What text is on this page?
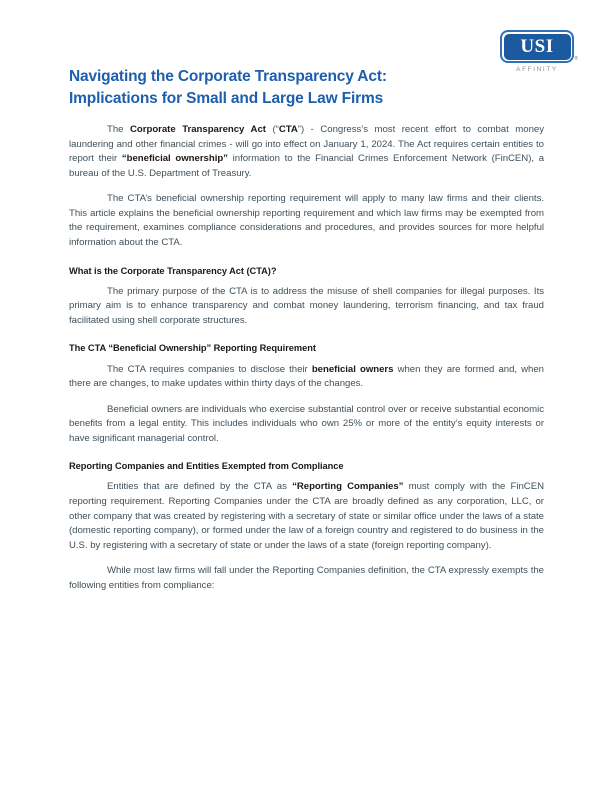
USI
®
AFFINITY
Navigating the Corporate Transparency Act:
Implications for Small and Large Law Firms

The Corporate Transparency Act (“CTA”) - Congress’s most recent effort to combat money laundering and other financial crimes - will go into effect on January 1, 2024. The Act requires certain entities to report their “beneficial ownership” information to the Financial Crimes Enforcement Network (FinCEN), a bureau of the U.S. Department of Treasury.

The CTA’s beneficial ownership reporting requirement will apply to many law firms and their clients. This article explains the beneficial ownership reporting requirement and which law firms may be exempted from the requirement, examines compliance considerations and procedures, and provides sources for more helpful information about the CTA.

What is the Corporate Transparency Act (CTA)?

The primary purpose of the CTA is to address the misuse of shell companies for illegal purposes. Its primary aim is to enhance transparency and combat money laundering, terrorism financing, and tax fraud facilitated using shell corporate structures.

The CTA “Beneficial Ownership” Reporting Requirement

The CTA requires companies to disclose their beneficial owners when they are formed and, when there are changes, to make updates within thirty days of the changes.

Beneficial owners are individuals who exercise substantial control over or receive substantial economic benefits from a legal entity. This includes individuals who own 25% or more of the entity’s equity interests or have significant managerial control.

Reporting Companies and Entities Exempted from Compliance

Entities that are defined by the CTA as “Reporting Companies” must comply with the FinCEN reporting requirement. Reporting Companies under the CTA are broadly defined as any corporation, LLC, or other company that was created by registering with a secretary of state or similar office under the laws of a state (domestic reporting company), or formed under the law of a foreign country and registered to do business in the U.S. by registering with a secretary of state or under the laws of a state (foreign reporting company).

While most law firms will fall under the Reporting Companies definition, the CTA expressly exempts the following entities from compliance:
